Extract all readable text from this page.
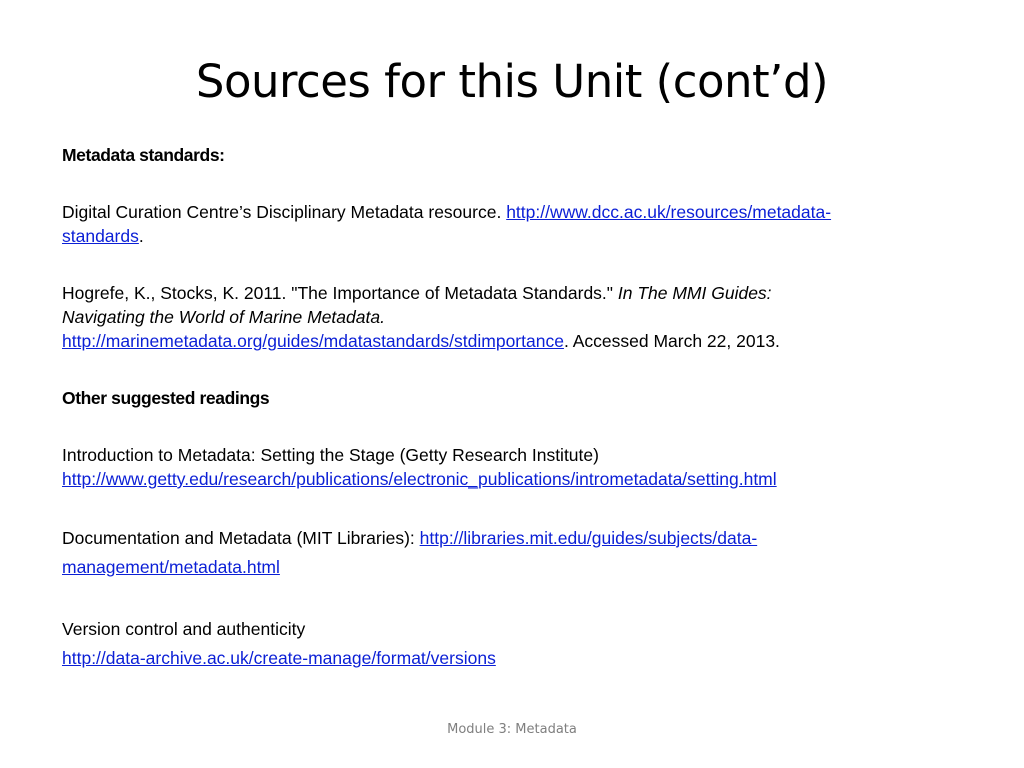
Sources for this Unit (cont’d)

Metadata standards:

Digital Curation Centre’s Disciplinary Metadata resource. http://www.dcc.ac.uk/resources/metadata-
standards.

Hogrefe, K., Stocks, K. 2011. "The Importance of Metadata Standards." In The MMI Guides:
Navigating the World of Marine Metadata.
http://marinemetadata.org/guides/mdatastandards/stdimportance. Accessed March 22, 2013.

Other suggested readings

Introduction to Metadata: Setting the Stage (Getty Research Institute)
http://www.getty.edu/research/publications/electronic_publications/intrometadata/setting.html

Documentation and Metadata (MIT Libraries): http://libraries.mit.edu/guides/subjects/data-
management/metadata.html

Version control and authenticity
http://data-archive.ac.uk/create-manage/format/versions

Module 3: Metadata
